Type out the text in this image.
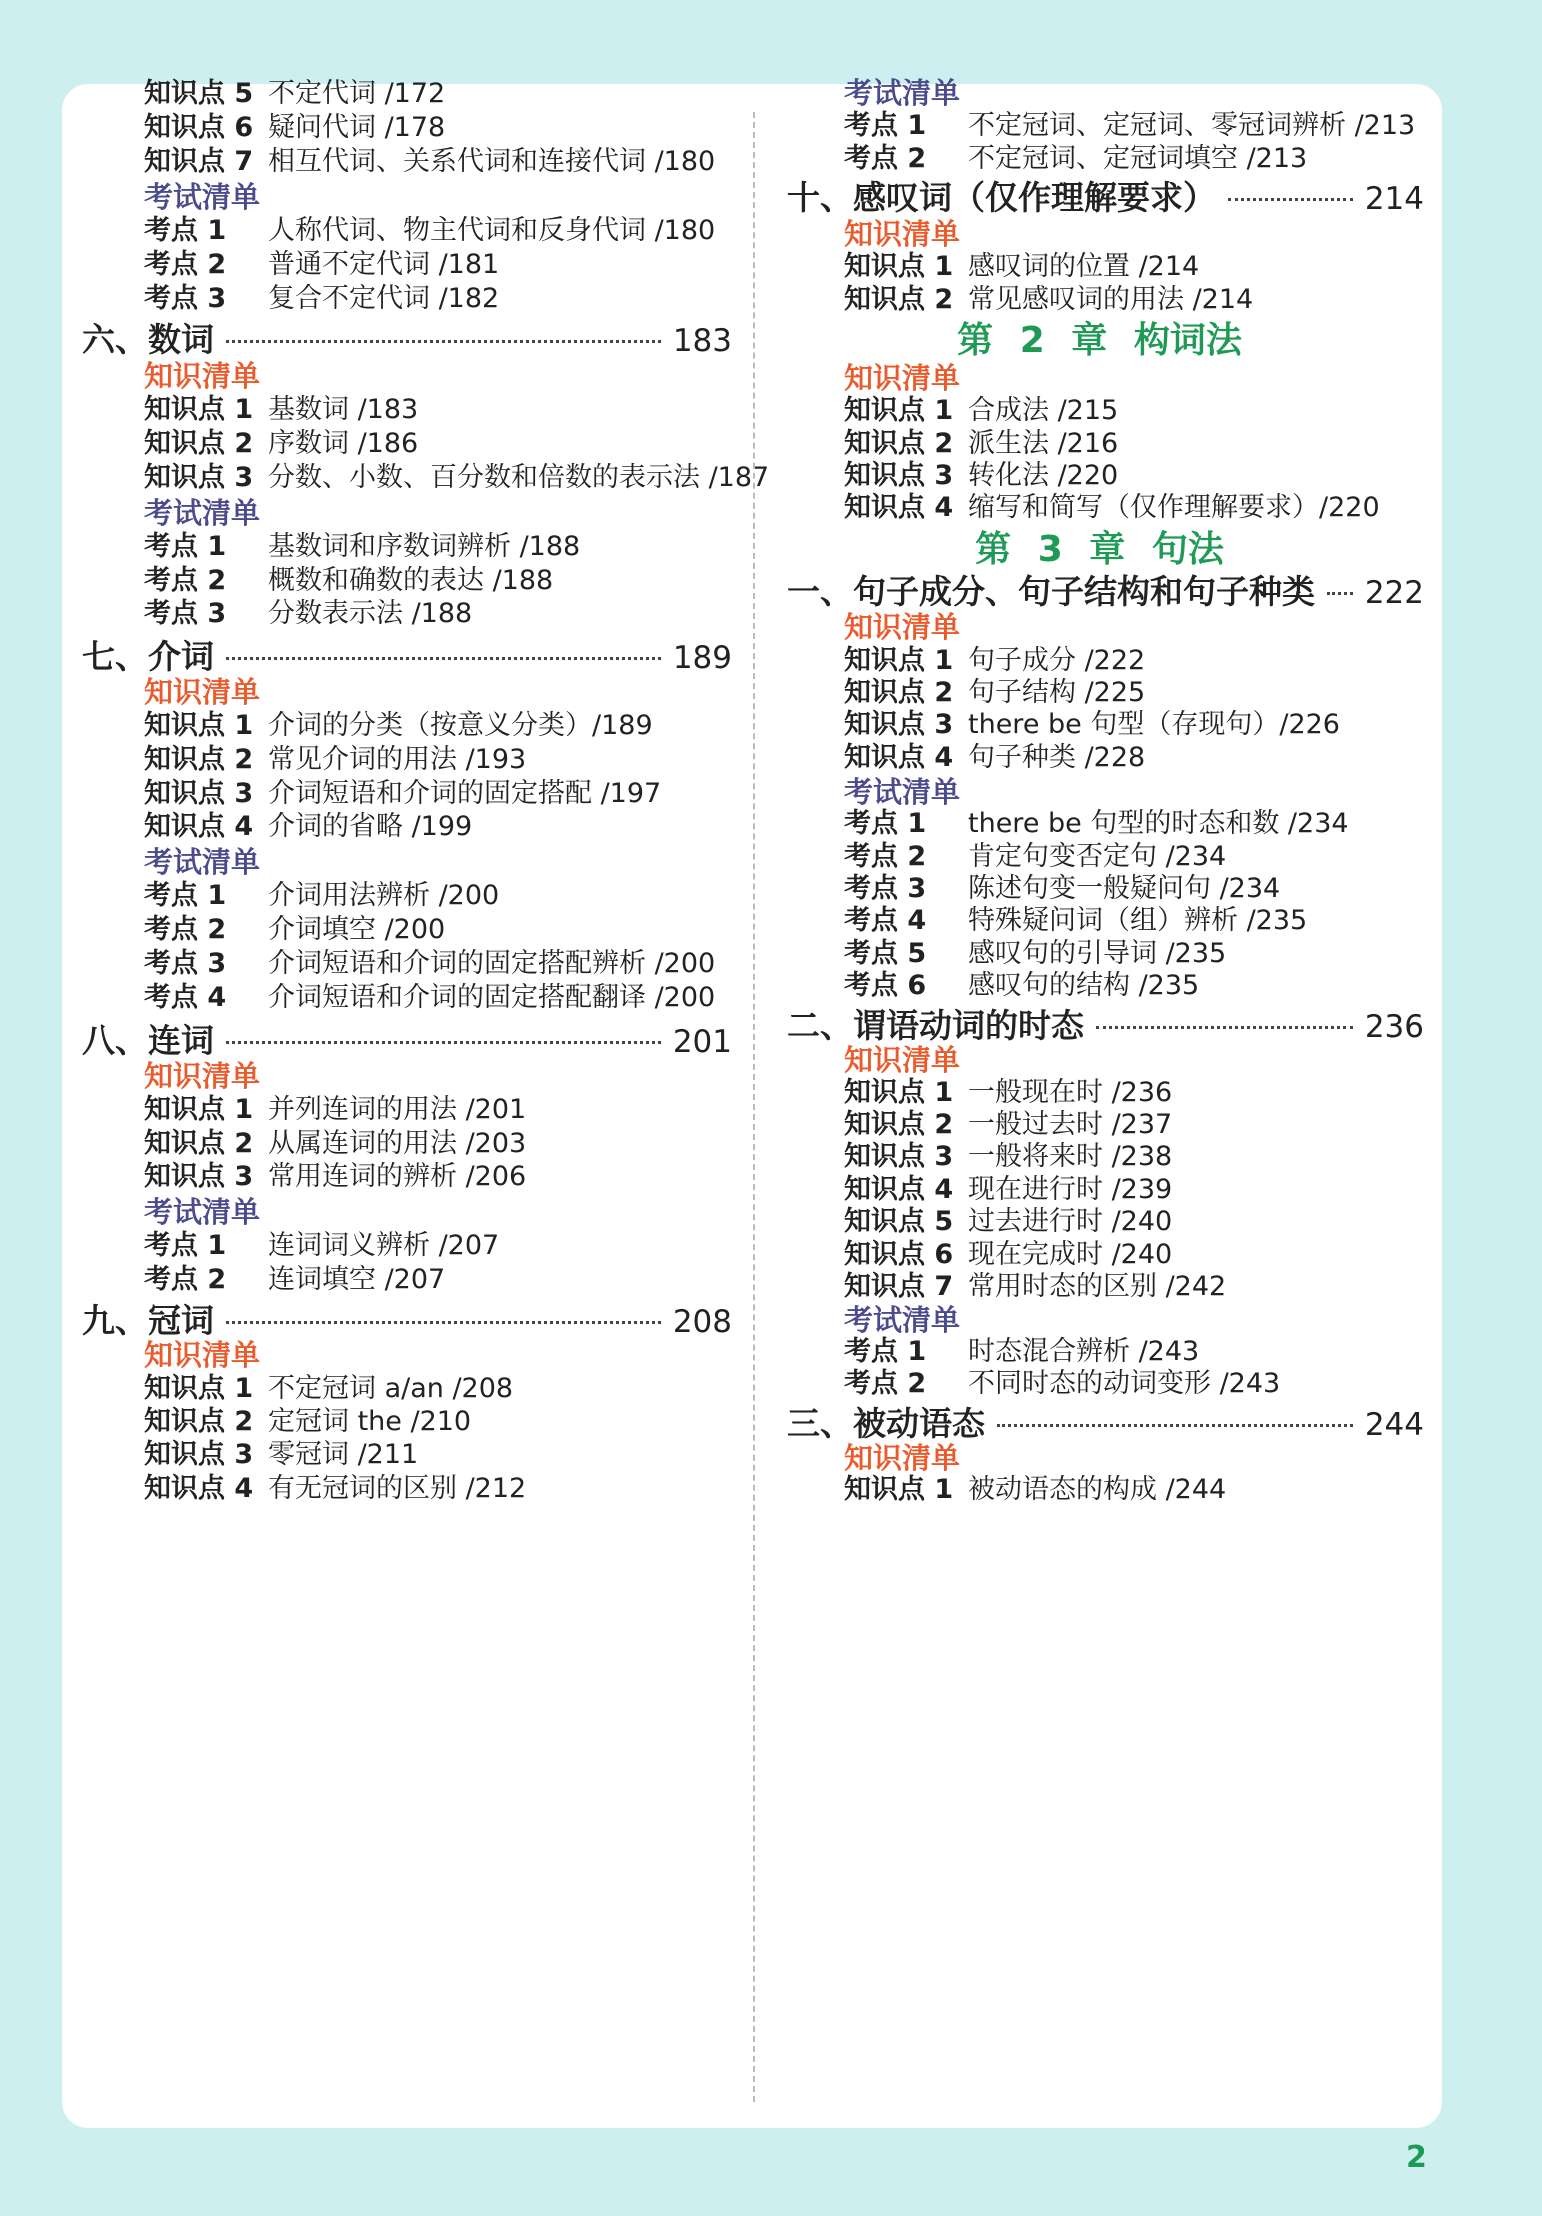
知识点 5 不定代词 /172
知识点 6 疑问代词 /178
知识点 7 相互代词、关系代词和连接代词 /180
考试清单
考点 1 人称代词、物主代词和反身代词 /180
考点 2 普通不定代词 /181
考点 3 复合不定代词 /182
六、数词	183
知识清单
知识点 1 基数词 /183
知识点 2 序数词 /186
知识点 3 分数、小数、百分数和倍数的表示法 /187
考试清单
考点 1 基数词和序数词辨析 /188
考点 2 概数和确数的表达 /188
考点 3 分数表示法 /188
七、介词	189
知识清单
知识点 1 介词的分类（按意义分类）/189
知识点 2 常见介词的用法 /193
知识点 3 介词短语和介词的固定搭配 /197
知识点 4 介词的省略 /199
考试清单
考点 1 介词用法辨析 /200
考点 2 介词填空 /200
考点 3 介词短语和介词的固定搭配辨析 /200
考点 4 介词短语和介词的固定搭配翻译 /200
八、连词	201
知识清单
知识点 1 并列连词的用法 /201
知识点 2 从属连词的用法 /203
知识点 3 常用连词的辨析 /206
考试清单
考点 1 连词词义辨析 /207
考点 2 连词填空 /207
九、冠词	208
知识清单
知识点 1 不定冠词 a/an /208
知识点 2 定冠词 the /210
知识点 3 零冠词 /211
知识点 4 有无冠词的区别 /212
考试清单
考点 1 不定冠词、定冠词、零冠词辨析 /213
考点 2 不定冠词、定冠词填空 /213
十、感叹词（仅作理解要求）	214
知识清单
知识点 1 感叹词的位置 /214
知识点 2 常见感叹词的用法 /214
第 2 章 构词法
知识清单
知识点 1 合成法 /215
知识点 2 派生法 /216
知识点 3 转化法 /220
知识点 4 缩写和简写（仅作理解要求）/220
第 3 章 句法
一、句子成分、句子结构和句子种类 222
知识清单
知识点 1 句子成分 /222
知识点 2 句子结构 /225
知识点 3 there be 句型（存现句）/226
知识点 4 句子种类 /228
考试清单
考点 1 there be 句型的时态和数 /234
考点 2 肯定句变否定句 /234
考点 3 陈述句变一般疑问句 /234
考点 4 特殊疑问词（组）辨析 /235
考点 5 感叹句的引导词 /235
考点 6 感叹句的结构 /235
二、谓语动词的时态	236
知识清单
知识点 1 一般现在时 /236
知识点 2 一般过去时 /237
知识点 3 一般将来时 /238
知识点 4 现在进行时 /239
知识点 5 过去进行时 /240
知识点 6 现在完成时 /240
知识点 7 常用时态的区别 /242
考试清单
考点 1 时态混合辨析 /243
考点 2 不同时态的动词变形 /243
三、被动语态	244
知识清单
知识点 1 被动语态的构成 /244
2
